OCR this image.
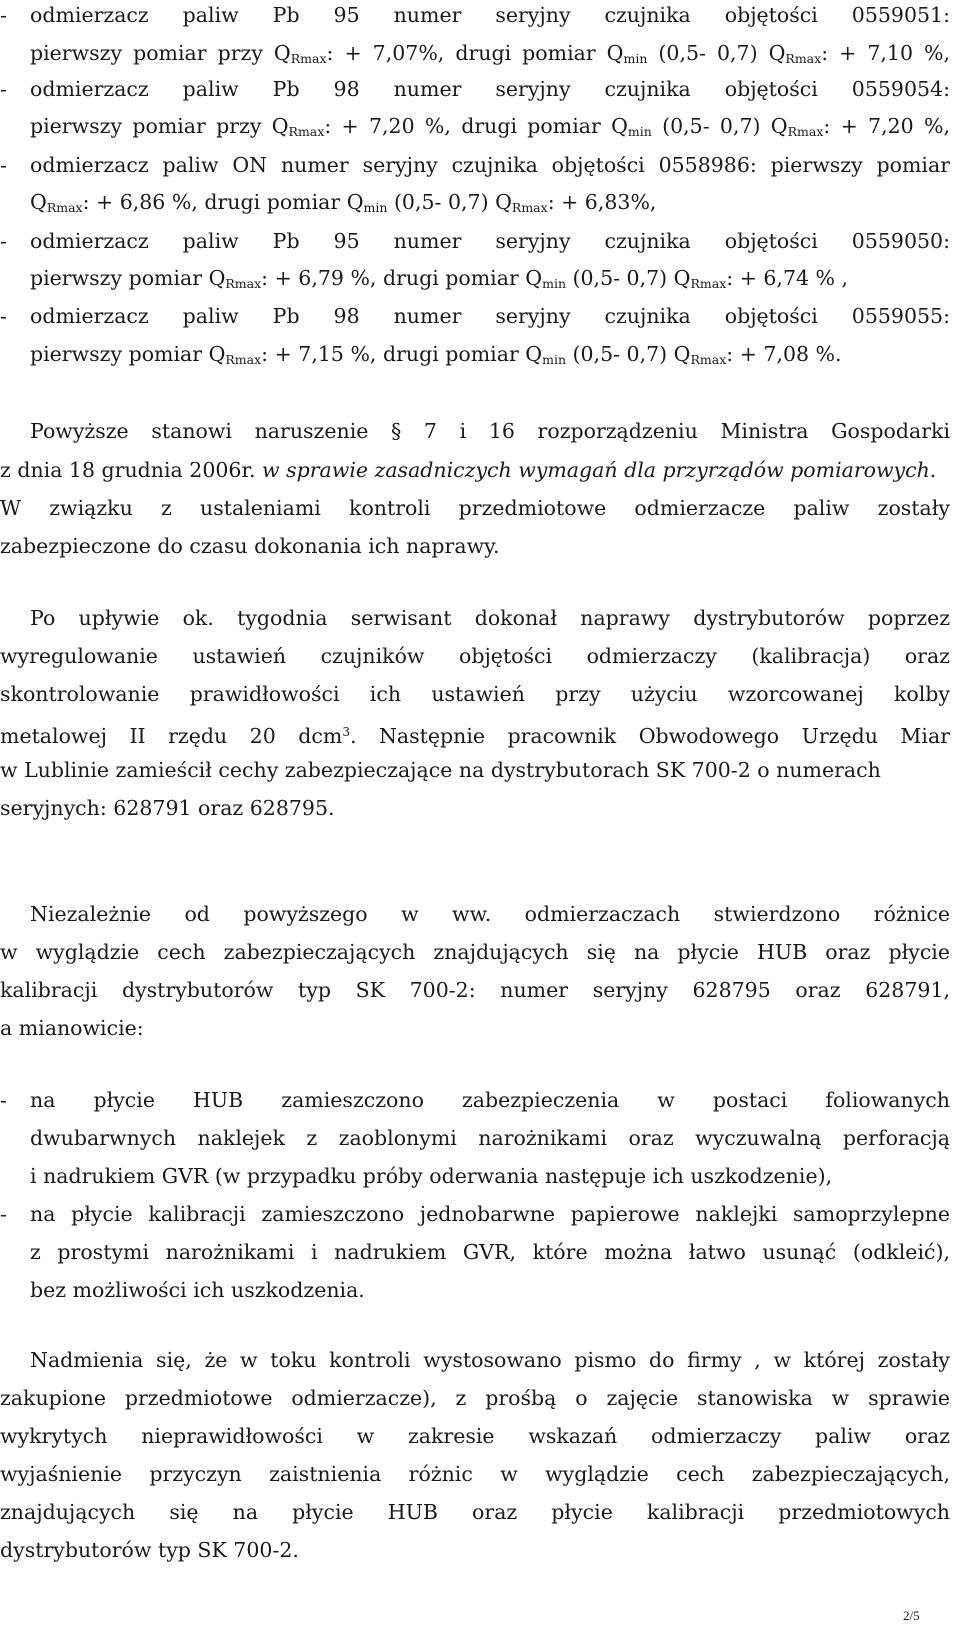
-	odmierzacz paliw Pb 95 numer seryjny czujnika objętości 0559051:
pierwszy pomiar przy $Q_{Rmax}$: + 7,07%, drugi pomiar $Q_{min}$ (0,5- 0,7) $Q_{Rmax}$: + 7,10 %,
-	odmierzacz paliw Pb 98 numer seryjny czujnika objętości 0559054:
pierwszy pomiar przy $Q_{Rmax}$: + 7,20 %, drugi pomiar $Q_{min}$ (0,5- 0,7) $Q_{Rmax}$: + 7,20 %,
-	odmierzacz paliw ON numer seryjny czujnika objętości 0558986: pierwszy pomiar
$Q_{Rmax}$: + 6,86 %, drugi pomiar $Q_{min}$ (0,5- 0,7) $Q_{Rmax}$: + 6,83%,
-	odmierzacz paliw Pb 95 numer seryjny czujnika objętości 0559050:
pierwszy pomiar $Q_{Rmax}$: + 6,79 %, drugi pomiar $Q_{min}$ (0,5- 0,7) $Q_{Rmax}$: + 6,74 % ,
-	odmierzacz paliw Pb 98 numer seryjny czujnika objętości 0559055:
pierwszy pomiar $Q_{Rmax}$: + 7,15 %, drugi pomiar $Q_{min}$ (0,5- 0,7) $Q_{Rmax}$: + 7,08 %.
Powyższe stanowi naruszenie § 7 i 16 rozporządzeniu Ministra Gospodarki
z dnia 18 grudnia 2006r. w sprawie zasadniczych wymagań dla przyrządów pomiarowych.
W związku z ustaleniami kontroli przedmiotowe odmierzacze paliw zostały
zabezpieczone do czasu dokonania ich naprawy.
Po upływie ok. tygodnia serwisant dokonał naprawy dystrybutorów poprzez
wyregulowanie ustawień czujników objętości odmierzaczy (kalibracja) oraz
skontrolowanie prawidłowości ich ustawień przy użyciu wzorcowanej kolby
metalowej II rzędu 20 dcm$^3$. Następnie pracownik Obwodowego Urzędu Miar
w Lublinie zamieścił cechy zabezpieczające na dystrybutorach SK 700-2 o numerach
seryjnych: 628791 oraz 628795.
Niezależnie od powyższego w ww. odmierzaczach stwierdzono różnice
w wyglądzie cech zabezpieczających znajdujących się na płycie HUB oraz płycie
kalibracji dystrybutorów typ SK 700-2: numer seryjny 628795 oraz 628791,
a mianowicie:
-	na płycie HUB zamieszczono zabezpieczenia w postaci foliowanych
dwubarwnych naklejek z zaoblonymi narożnikami oraz wyczuwalną perforacją
i nadrukiem GVR (w przypadku próby oderwania następuje ich uszkodzenie),
-	na płycie kalibracji zamieszczono jednobarwne papierowe naklejki samoprzylepne
z prostymi narożnikami i nadrukiem GVR, które można łatwo usunąć (odkleić),
bez możliwości ich uszkodzenia.
Nadmienia się, że w toku kontroli wystosowano pismo do firmy , w której zostały
zakupione przedmiotowe odmierzacze), z prośbą o zajęcie stanowiska w sprawie
wykrytych nieprawidłowości w zakresie wskazań odmierzaczy paliw oraz
wyjaśnienie przyczyn zaistnienia różnic w wyglądzie cech zabezpieczających,
znajdujących się na płycie HUB oraz płycie kalibracji przedmiotowych
dystrybutorów typ SK 700-2.
2/5
